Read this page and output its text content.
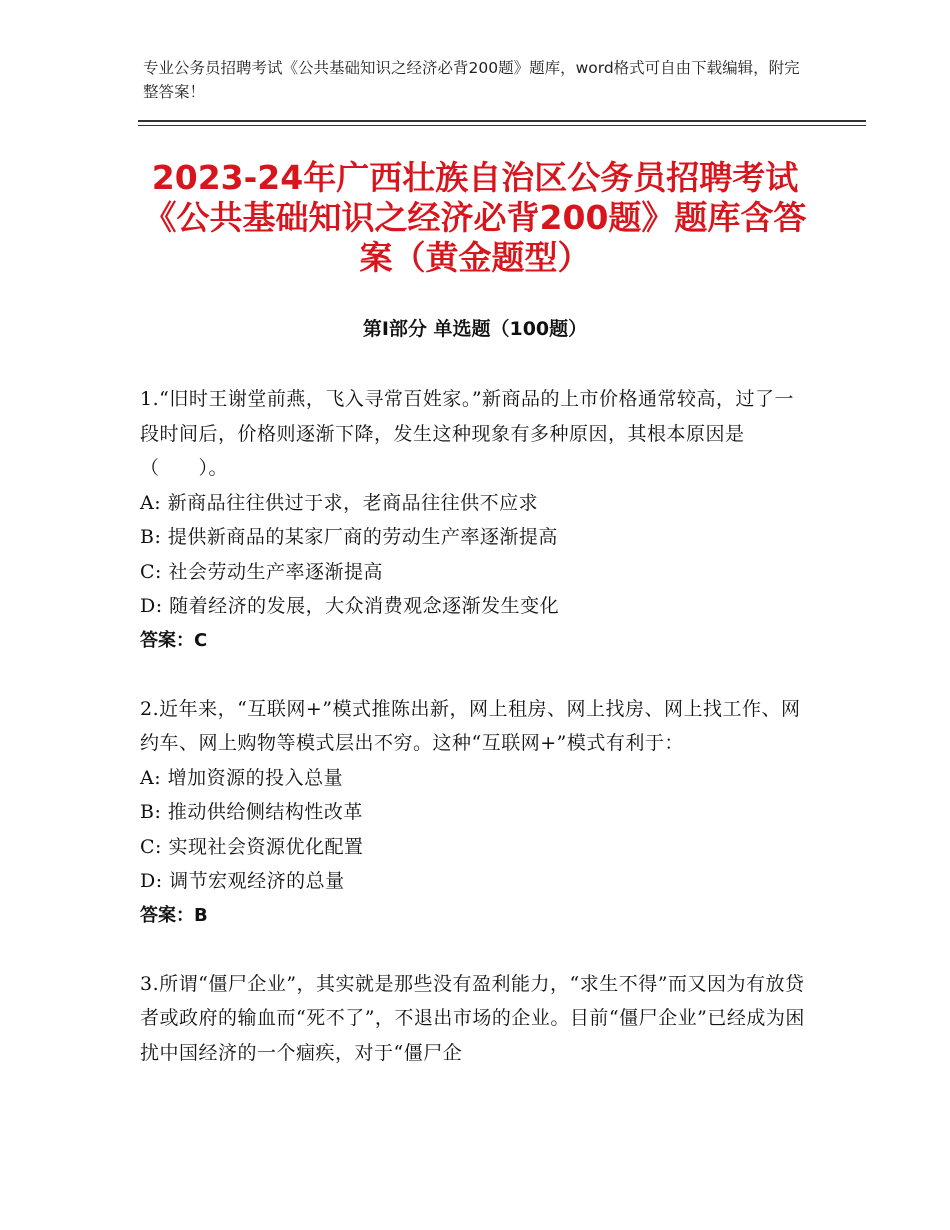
专业公务员招聘考试《公共基础知识之经济必背200题》题库，word格式可自由下载编辑，附完整答案！
2023-24年广西壮族自治区公务员招聘考试《公共基础知识之经济必背200题》题库含答案（黄金题型）
第Ⅰ部分 单选题（100题）
1.“旧时王谢堂前燕，飞入寻常百姓家。”新商品的上市价格通常较高，过了一段时间后，价格则逐渐下降，发生这种现象有多种原因，其根本原因是（　　）。
A: 新商品往往供过于求，老商品往往供不应求
B: 提供新商品的某家厂商的劳动生产率逐渐提高
C: 社会劳动生产率逐渐提高
D: 随着经济的发展，大众消费观念逐渐发生变化
答案：C
2.近年来，“互联网+”模式推陈出新，网上租房、网上找房、网上找工作、网约车、网上购物等模式层出不穷。这种“互联网+”模式有利于：
A: 增加资源的投入总量
B: 推动供给侧结构性改革
C: 实现社会资源优化配置
D: 调节宏观经济的总量
答案：B
3.所谓“僵尸企业”，其实就是那些没有盈利能力，“求生不得”而又因为有放贷者或政府的输血而“死不了”，不退出市场的企业。目前“僵尸企业”已经成为困扰中国经济的一个痼疾，对于“僵尸企
